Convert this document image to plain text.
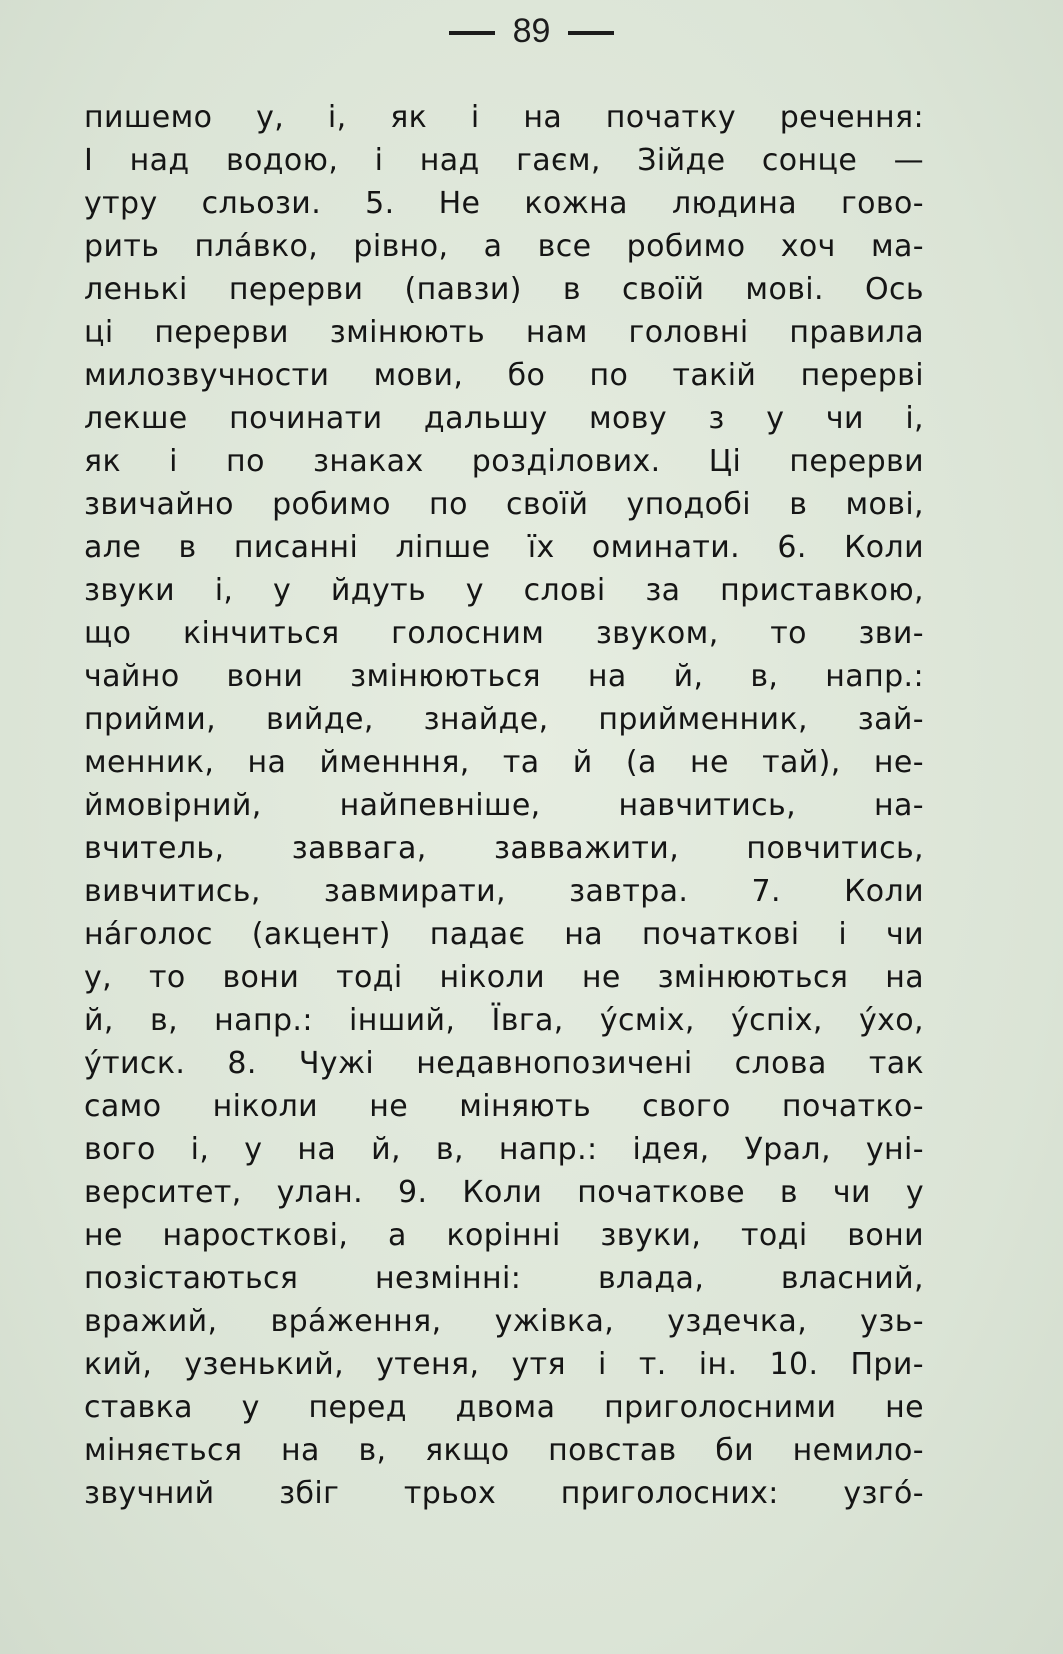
89
пишемо у, і, як і на початку речення:
І над водою, і над гаєм, Зійде сонце —
утру сльози. 5. Не кожна людина гово-
рить пла́вко, рівно, а все робимо хоч ма-
ленькі перерви (павзи) в своїй мові. Ось
ці перерви змінюють нам головні правила
милозвучности мови, бо по такій перерві
лекше починати дальшу мову з у чи і,
як і по знаках розділових. Ці перерви
звичайно робимо по своїй уподобі в мові,
але в писанні ліпше їх оминати. 6. Коли
звуки і, у йдуть у слові за приставкою,
що кінчиться голосним звуком, то зви-
чайно вони змінюються на й, в, напр.:
прийми, вийде, знайде, прийменник, зай-
менник, на йменння, та й (а не тай), не-
ймовірний, найпевніше, навчитись, на-
вчитель, заввага, завважити, повчитись,
вивчитись, завмирати, завтра. 7. Коли
на́голос (акцент) падає на початкові і чи
у, то вони тоді ніколи не змінюються на
й, в, напр.: інший, Ївга, у́сміх, у́спіх, у́хо,
у́тиск. 8. Чужі недавнопозичені слова так
само ніколи не міняють свого початко-
вого і, у на й, в, напр.: ідея, Урал, уні-
верситет, улан. 9. Коли початкове в чи у
не наросткові, а корінні звуки, тоді вони
позістаються незмінні: влада, власний,
вражий, вра́ження, ужівка, уздечка, узь-
кий, узенький, утеня, утя і т. ін. 10. При-
ставка у перед двома приголосними не
міняється на в, якщо повстав би немило-
звучний збіг трьох приголосних: узго́-
